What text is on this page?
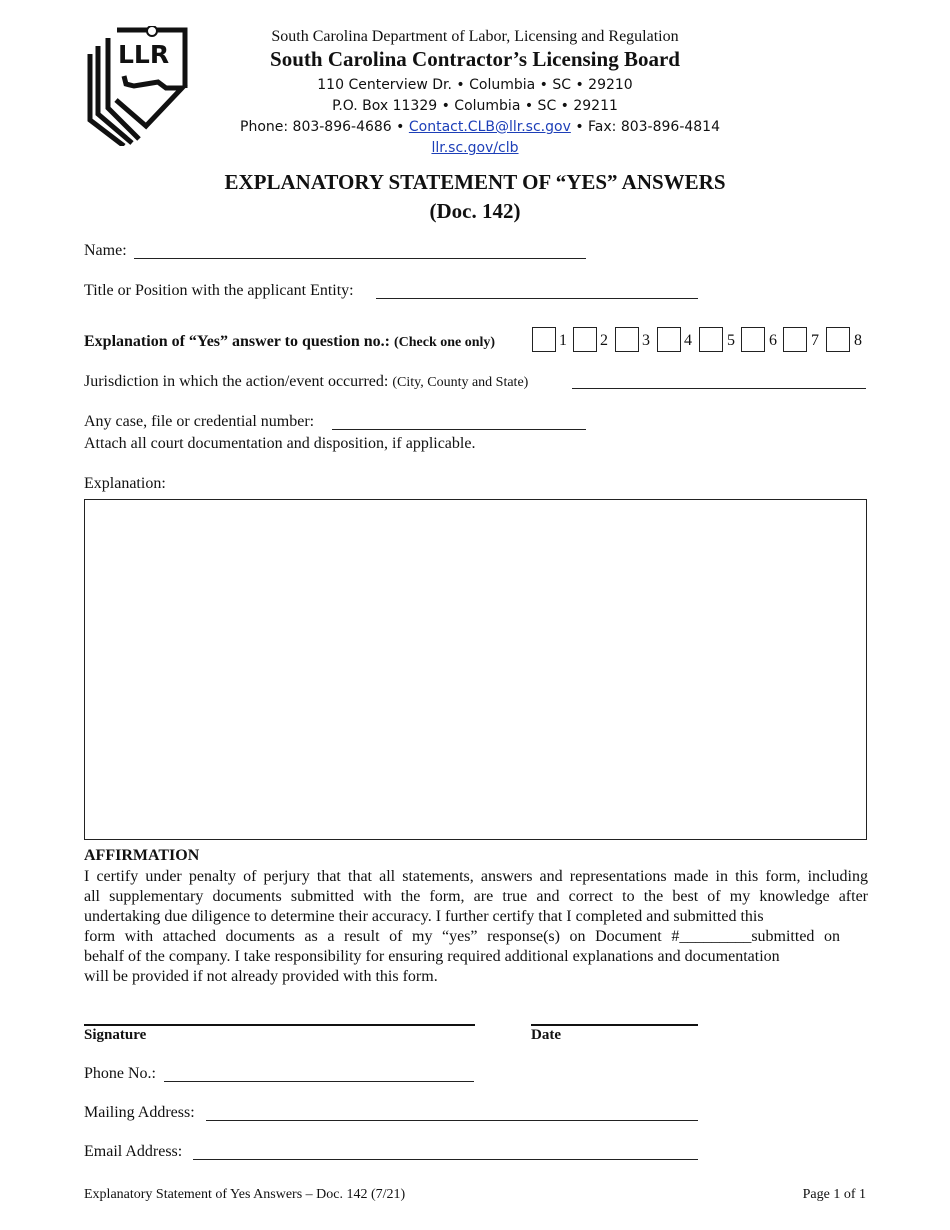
LLR
South Carolina Department of Labor, Licensing and Regulation
South Carolina Contractor’s Licensing Board
110 Centerview Dr. • Columbia • SC • 29210
P.O. Box 11329 • Columbia • SC • 29211
Phone: 803-896-4686 • Contact.CLB@llr.sc.gov • Fax: 803-896-4814
llr.sc.gov/clb
EXPLANATORY STATEMENT OF “YES” ANSWERS
(Doc. 142)
Name:
Title or Position with the applicant Entity:
Explanation of “Yes” answer to question no.: (Check one only)	1 2 3 4 5 6 7 8
Jurisdiction in which the action/event occurred: (City, County and State)
Any case, file or credential number:
Attach all court documentation and disposition, if applicable.
Explanation:
AFFIRMATION

I certify under penalty of perjury that that all statements, answers and representations made in this form, including

all supplementary documents submitted with the form, are true and correct to the best of my knowledge after

undertaking due diligence to determine their accuracy. I further certify that I completed and submitted this

form with attached documents as a result of my “yes” response(s) on Document #_________submitted on

behalf of the company. I take responsibility for ensuring required additional explanations and documentation

will be provided if not already provided with this form.

Signature	Date
Phone No.:
Mailing Address:
Email Address:
Explanatory Statement of Yes Answers – Doc. 142 (7/21)	Page 1 of 1
